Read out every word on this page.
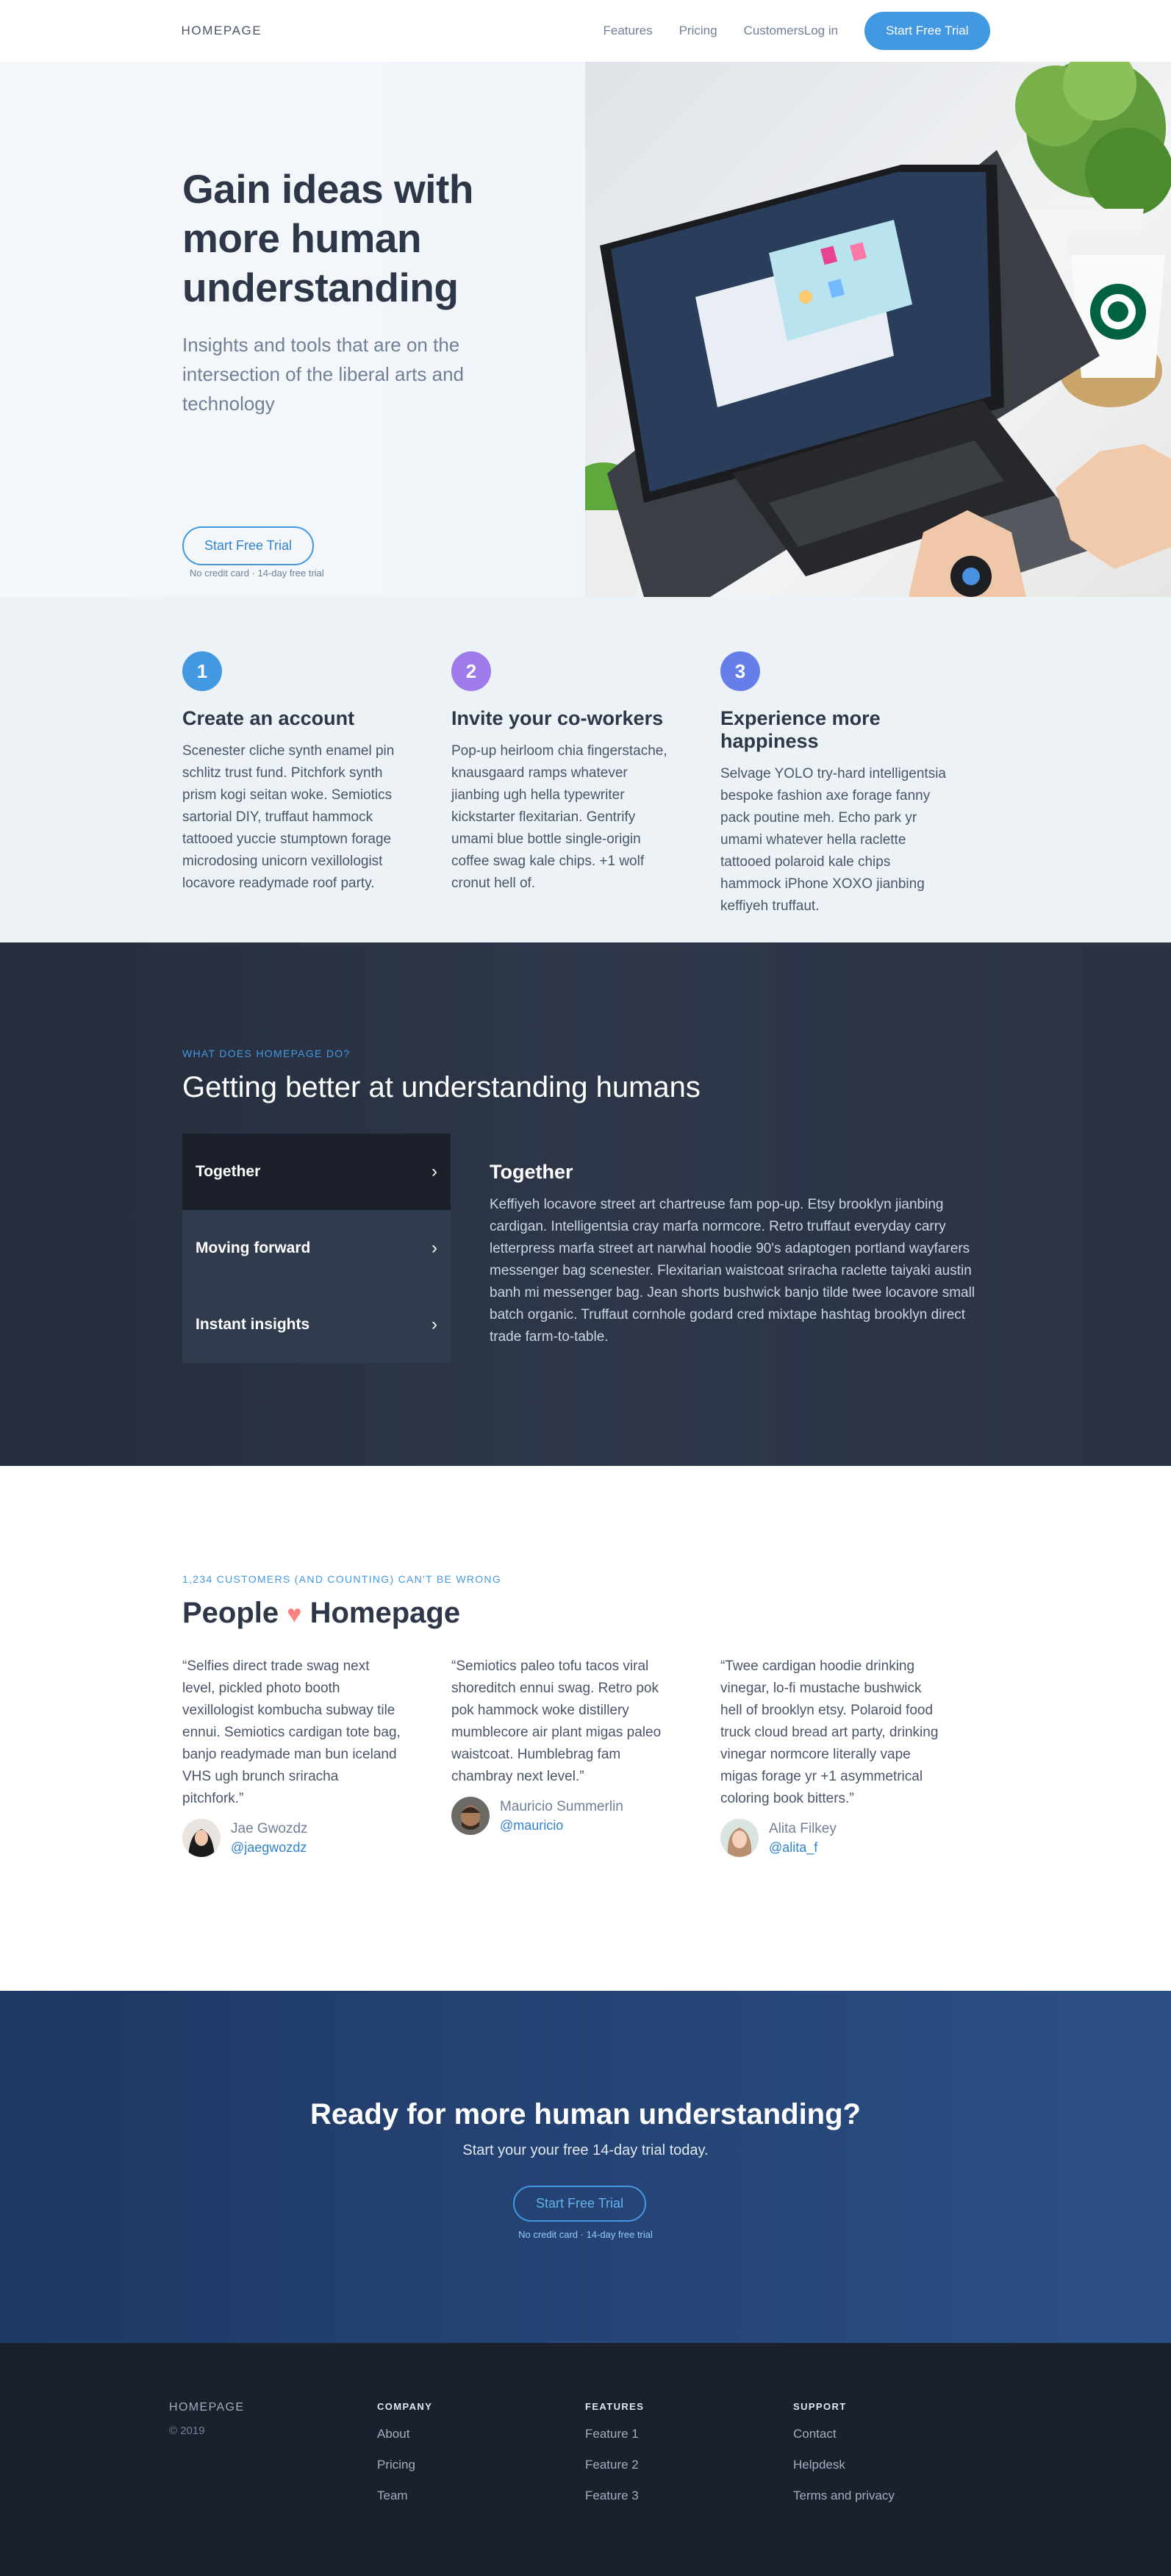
HOMEPAGE	Features Pricing Customers Log in	Start Free Trial
Gain ideas with more human understanding

Insights and tools that are on the intersection of the liberal arts and technology

Start Free Trial
No credit card · 14-day free trial
1
Create an account

Scenester cliche synth enamel pin schlitz trust fund. Pitchfork synth prism kogi seitan woke. Semiotics sartorial DIY, truffaut hammock tattooed yuccie stumptown forage microdosing unicorn vexillologist locavore readymade roof party.

2
Invite your co-workers

Pop-up heirloom chia fingerstache, knausgaard ramps whatever jianbing ugh hella typewriter kickstarter flexitarian. Gentrify umami blue bottle single-origin coffee swag kale chips. +1 wolf cronut hell of.

3
Experience more happiness

Selvage YOLO try-hard intelligentsia bespoke fashion axe forage fanny pack poutine meh. Echo park yr umami whatever hella raclette tattooed polaroid kale chips hammock iPhone XOXO jianbing keffiyeh truffaut.

WHAT DOES HOMEPAGE DO?
Getting better at understanding humans
Together	›
Moving forward	›
Instant insights	›
Together

Keffiyeh locavore street art chartreuse fam pop-up. Etsy brooklyn jianbing cardigan. Intelligentsia cray marfa normcore. Retro truffaut everyday carry letterpress marfa street art narwhal hoodie 90's adaptogen portland wayfarers messenger bag scenester. Flexitarian waistcoat sriracha raclette taiyaki austin banh mi messenger bag. Jean shorts bushwick banjo tilde twee locavore small batch organic. Truffaut cornhole godard cred mixtape hashtag brooklyn direct trade farm-to-table.

1,234 CUSTOMERS (AND COUNTING) CAN'T BE WRONG
People ♥ Homepage

“Selfies direct trade swag next level, pickled photo booth vexillologist kombucha subway tile ennui. Semiotics cardigan tote bag, banjo readymade man bun iceland VHS ugh brunch sriracha pitchfork.”

Jae Gwozdz
@jaegwozdz

“Semiotics paleo tofu tacos viral shoreditch ennui swag. Retro pok pok hammock woke distillery mumblecore air plant migas paleo waistcoat. Humblebrag fam chambray next level.”

Mauricio Summerlin
@mauricio

“Twee cardigan hoodie drinking vinegar, lo-fi mustache bushwick hell of brooklyn etsy. Polaroid food truck cloud bread art party, drinking vinegar normcore literally vape migas forage yr +1 asymmetrical coloring book bitters.”

Alita Filkey
@alita_f
Ready for more human understanding?

Start your your free 14-day trial today.

Start Free Trial

No credit card · 14-day free trial

HOMEPAGE
© 2019
COMPANY
About
Pricing
Team
FEATURES
Feature 1
Feature 2
Feature 3
SUPPORT
Contact
Helpdesk
Terms and privacy
